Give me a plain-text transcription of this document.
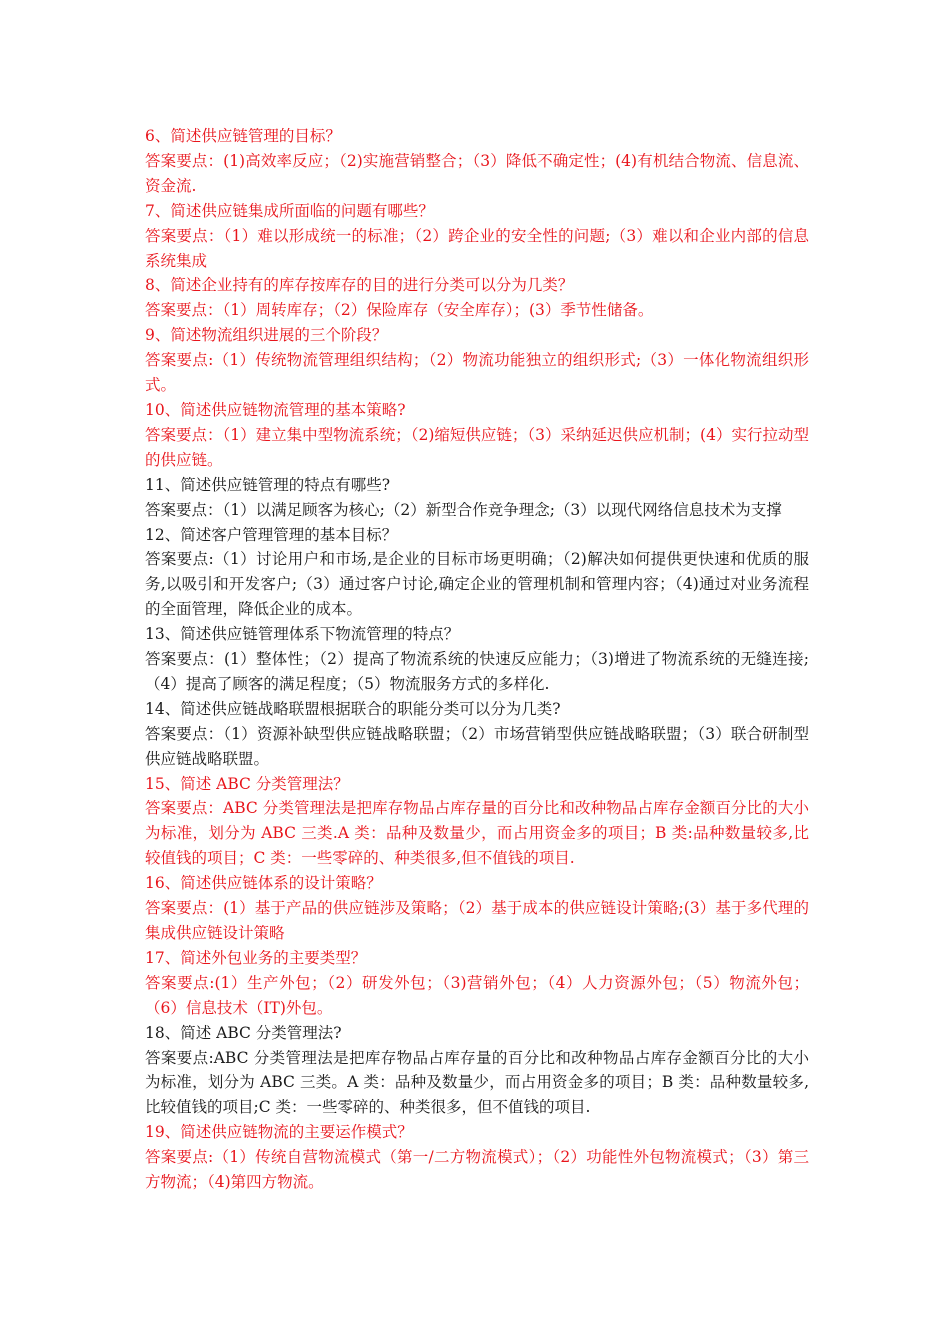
6、简述供应链管理的目标？

答案要点：(1)高效率反应；（2)实施营销整合；（3）降低不确定性；(4)有机结合物流、信息流、资金流.

7、简述供应链集成所面临的问题有哪些？

答案要点：（1）难以形成统一的标准；（2）跨企业的安全性的问题;（3）难以和企业内部的信息系统集成

8、简述企业持有的库存按库存的目的进行分类可以分为几类？

答案要点：（1）周转库存；（2）保险库存（安全库存）；(3）季节性储备。

9、简述物流组织进展的三个阶段？

答案要点:（1）传统物流管理组织结构；（2）物流功能独立的组织形式;（3）一体化物流组织形式。

10、简述供应链物流管理的基本策略?

答案要点：（1）建立集中型物流系统；（2)缩短供应链；（3）采纳延迟供应机制；(4）实行拉动型的供应链。

11、简述供应链管理的特点有哪些?

答案要点：（1）以满足顾客为核心;（2）新型合作竞争理念;（3）以现代网络信息技术为支撑

12、简述客户管理管理的基本目标？

答案要点:（1）讨论用户和市场,是企业的目标市场更明确；（2)解决如何提供更快速和优质的服务,以吸引和开发客户;（3）通过客户讨论,确定企业的管理机制和管理内容；（4)通过对业务流程的全面管理，降低企业的成本。

13、简述供应链管理体系下物流管理的特点？

答案要点：(1）整体性；（2）提高了物流系统的快速反应能力；（3)增进了物流系统的无缝连接;（4）提高了顾客的满足程度；（5）物流服务方式的多样化.

14、简述供应链战略联盟根据联合的职能分类可以分为几类?

答案要点：（1）资源补缺型供应链战略联盟；（2）市场营销型供应链战略联盟；（3）联合研制型供应链战略联盟。

15、简述 ABC 分类管理法？

答案要点：ABC 分类管理法是把库存物品占库存量的百分比和改种物品占库存金额百分比的大小为标准，划分为 ABC 三类.A 类：品种及数量少，而占用资金多的项目；B 类:品种数量较多,比较值钱的项目；C 类：一些零碎的、种类很多,但不值钱的项目.

16、简述供应链体系的设计策略？

答案要点：(1）基于产品的供应链涉及策略；（2）基于成本的供应链设计策略;(3）基于多代理的集成供应链设计策略

17、简述外包业务的主要类型？

答案要点:(1）生产外包；（2）研发外包；（3)营销外包；（4）人力资源外包；（5）物流外包；（6）信息技术（IT)外包。

18、简述 ABC 分类管理法?

答案要点:ABC 分类管理法是把库存物品占库存量的百分比和改种物品占库存金额百分比的大小为标准，划分为 ABC 三类。A 类：品种及数量少，而占用资金多的项目；B 类：品种数量较多,比较值钱的项目;C 类：一些零碎的、种类很多，但不值钱的项目.

19、简述供应链物流的主要运作模式？

答案要点:（1）传统自营物流模式（第一/二方物流模式）；（2）功能性外包物流模式；（3）第三方物流；（4)第四方物流。
